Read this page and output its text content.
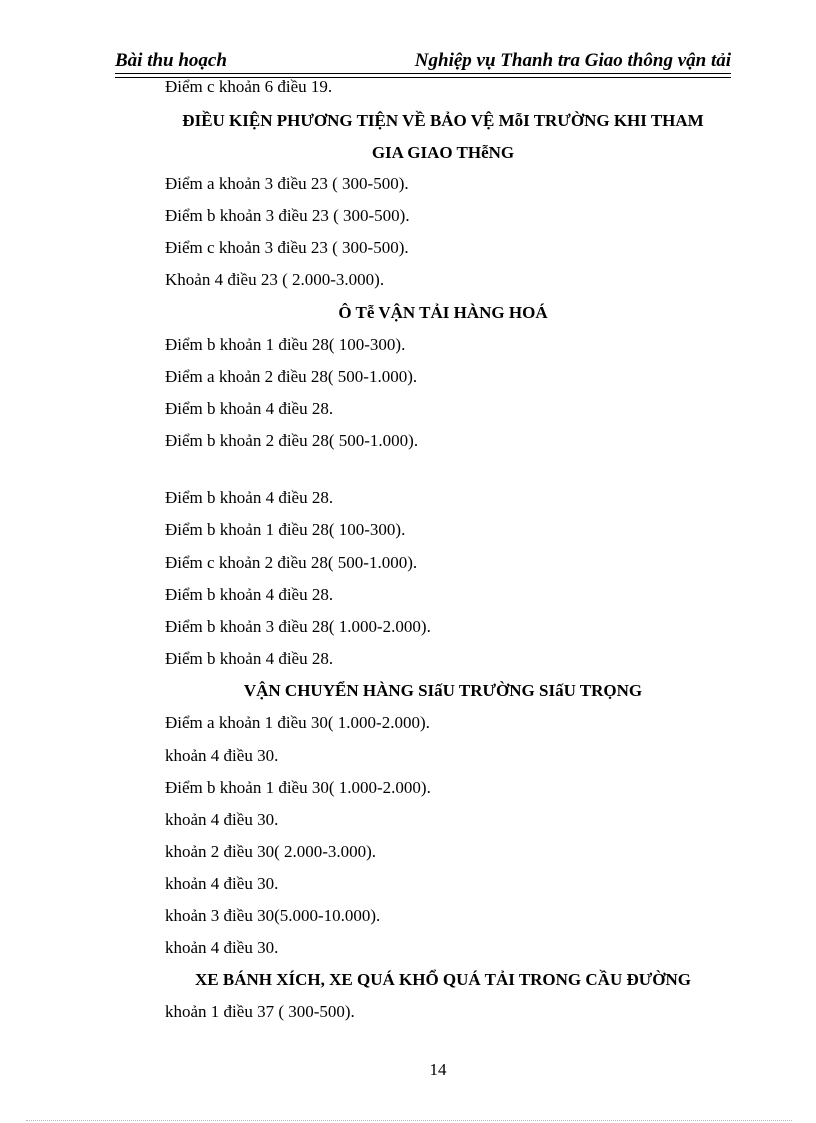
Bài thu hoạch	Nghiệp vụ Thanh tra Giao thông vận tải
Điểm c khoản 6 điều 19.
ĐIỀU KIỆN PHƯƠNG TIỆN VỀ BẢO VỆ MỗI TRƯỜNG KHI THAM
GIA GIAO THễNG
Điểm a khoản 3 điều 23 ( 300-500).
Điểm b khoản 3 điều 23 ( 300-500).
Điểm c khoản 3 điều 23 ( 300-500).
Khoản 4 điều 23 ( 2.000-3.000).
Ô Tễ VẬN TẢI HÀNG HOÁ
Điểm b khoản 1 điều 28( 100-300).
Điểm a khoản 2 điều 28( 500-1.000).
Điểm b khoản 4 điều 28.
Điểm b khoản 2 điều 28( 500-1.000).
Điểm b khoản 4 điều 28.
Điểm b khoản 1 điều 28( 100-300).
Điểm c khoản 2 điều 28( 500-1.000).
Điểm b khoản 4 điều 28.
Điểm b khoản 3 điều 28( 1.000-2.000).
Điểm b khoản 4 điều 28.
VẬN CHUYỂN HÀNG SIấU TRƯỜNG SIấU TRỌNG
Điểm a khoản 1 điều 30( 1.000-2.000).
khoản 4 điều 30.
Điểm b khoản 1 điều 30( 1.000-2.000).
khoản 4 điều 30.
khoản 2 điều 30( 2.000-3.000).
khoản 4 điều 30.
khoản 3 điều 30(5.000-10.000).
khoản 4 điều 30.
XE BÁNH XÍCH, XE QUÁ KHỔ QUÁ TẢI TRONG CẦU ĐƯỜNG
khoản 1 điều 37 ( 300-500).
14
